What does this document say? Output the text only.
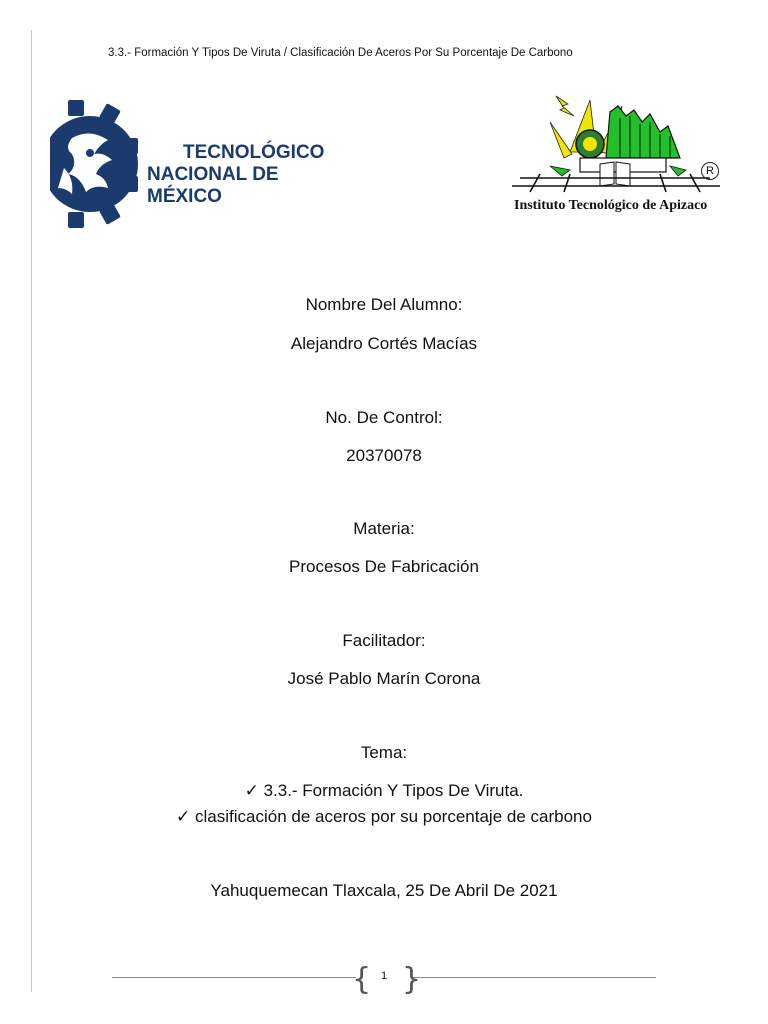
3.3.- Formación Y Tipos De Viruta / Clasificación De Aceros Por Su Porcentaje De Carbono
TECNOLÓGICO
NACIONAL DE MÉXICO
R
Instituto Tecnológico de Apizaco
Nombre Del Alumno:
Alejandro Cortés Macías
No. De Control:
20370078
Materia:
Procesos De Fabricación
Facilitador:
José Pablo Marín Corona
Tema:
✓ 3.3.- Formación Y Tipos De Viruta.
✓ clasificación de aceros por su porcentaje de carbono
Yahuquemecan Tlaxcala, 25 De Abril De 2021
{ }
1
